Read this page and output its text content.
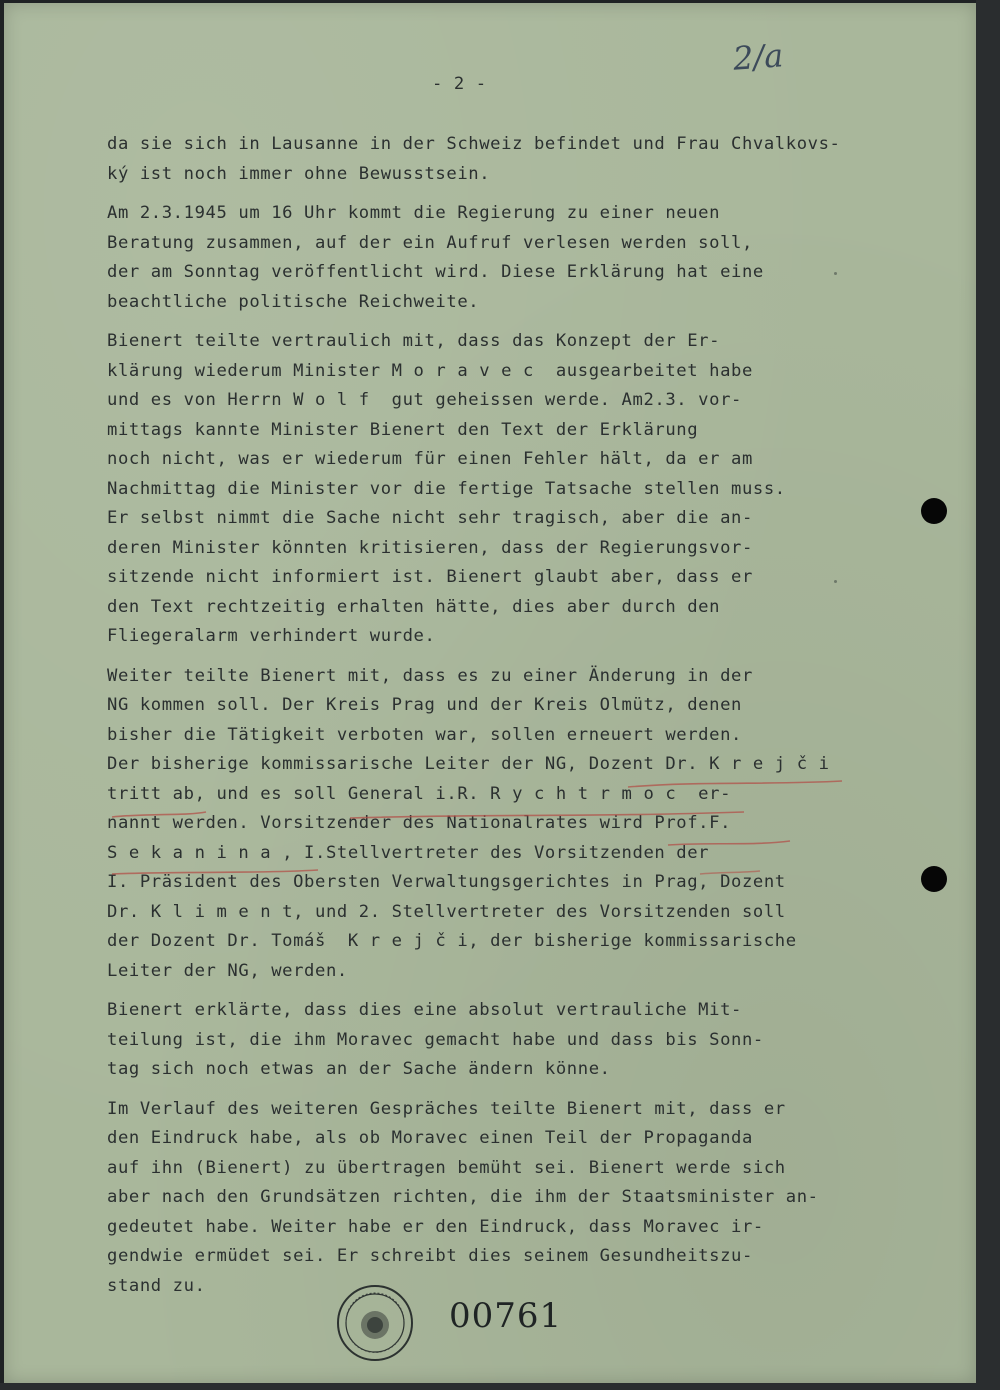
- 2 -

2/a

da sie sich in Lausanne in der Schweiz befindet und Frau Chvalkovs-
ký ist noch immer ohne Bewusstsein.
Am 2.3.1945 um 16 Uhr kommt die Regierung zu einer neuen
Beratung zusammen, auf der ein Aufruf verlesen werden soll,
der am Sonntag veröffentlicht wird. Diese Erklärung hat eine
beachtliche politische Reichweite.
Bienert teilte vertraulich mit, dass das Konzept der Er-
klärung wiederum Minister M o r a v e c  ausgearbeitet habe
und es von Herrn W o l f  gut geheissen werde. Am2.3. vor-
mittags kannte Minister Bienert den Text der Erklärung
noch nicht, was er wiederum für einen Fehler hält, da er am
Nachmittag die Minister vor die fertige Tatsache stellen muss.
Er selbst nimmt die Sache nicht sehr tragisch, aber die an-
deren Minister könnten kritisieren, dass der Regierungsvor-
sitzende nicht informiert ist. Bienert glaubt aber, dass er
den Text rechtzeitig erhalten hätte, dies aber durch den
Fliegeralarm verhindert wurde.
Weiter teilte Bienert mit, dass es zu einer Änderung in der
NG kommen soll. Der Kreis Prag und der Kreis Olmütz, denen
bisher die Tätigkeit verboten war, sollen erneuert werden.
Der bisherige kommissarische Leiter der NG, Dozent Dr. K r e j č i
tritt ab, und es soll General i.R. R y c h t r m o c  er-
nannt werden. Vorsitzender des Nationalrates wird Prof.F.
S e k a n i n a , I.Stellvertreter des Vorsitzenden der
I. Präsident des Obersten Verwaltungsgerichtes in Prag, Dozent
Dr. K l i m e n t, und 2. Stellvertreter des Vorsitzenden soll
der Dozent Dr. Tomáš  K r e j č i, der bisherige kommissarische
Leiter der NG, werden.
Bienert erklärte, dass dies eine absolut vertrauliche Mit-
teilung ist, die ihm Moravec gemacht habe und dass bis Sonn-
tag sich noch etwas an der Sache ändern könne.
Im Verlauf des weiteren Gespräches teilte Bienert mit, dass er
den Eindruck habe, als ob Moravec einen Teil der Propaganda
auf ihn (Bienert) zu übertragen bemüht sei. Bienert werde sich
aber nach den Grundsätzen richten, die ihm der Staatsminister an-
gedeutet habe. Weiter habe er den Eindruck, dass Moravec ir-
gendwie ermüdet sei. Er schreibt dies seinem Gesundheitszu-
stand zu.

00761
